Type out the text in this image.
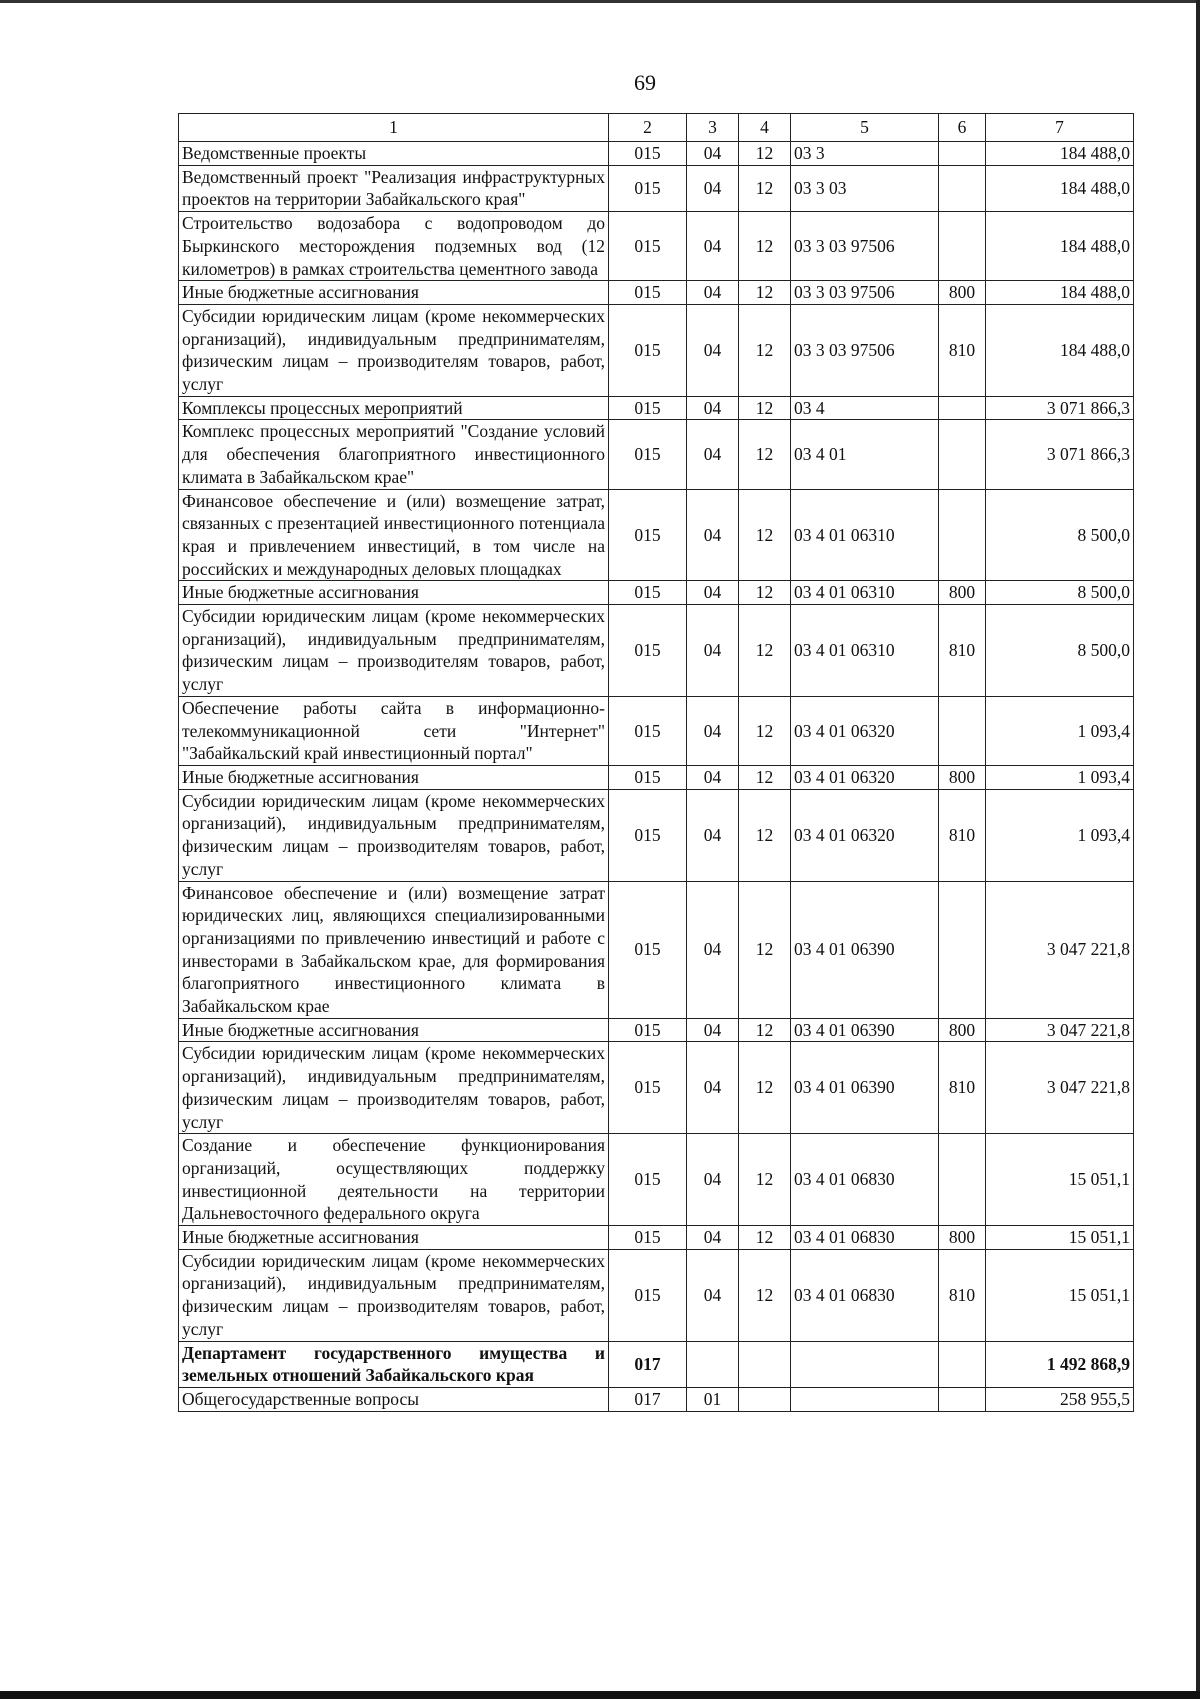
69
1	2	3	4	5	6	7
Ведомственные проекты	015	04	12	03 3		184 488,0
Ведомственный проект "Реализация инфраструктурных проектов на территории Забайкальского края"	015	04	12	03 3 03		184 488,0
Строительство водозабора с водопроводом до Быркинского месторождения подземных вод (12 километров) в рамках строительства цементного завода	015	04	12	03 3 03 97506		184 488,0
Иные бюджетные ассигнования	015	04	12	03 3 03 97506	800	184 488,0
Субсидии юридическим лицам (кроме некоммерческих организаций), индивидуальным предпринимателям, физическим лицам – производителям товаров, работ, услуг	015	04	12	03 3 03 97506	810	184 488,0
Комплексы процессных мероприятий	015	04	12	03 4		3 071 866,3
Комплекс процессных мероприятий "Создание условий для обеспечения благоприятного инвестиционного климата в Забайкальском крае"	015	04	12	03 4 01		3 071 866,3
Финансовое обеспечение и (или) возмещение затрат, связанных с презентацией инвестиционного потенциала края и привлечением инвестиций, в том числе на российских и международных деловых площадках	015	04	12	03 4 01 06310		8 500,0
Иные бюджетные ассигнования	015	04	12	03 4 01 06310	800	8 500,0
Субсидии юридическим лицам (кроме некоммерческих организаций), индивидуальным предпринимателям, физическим лицам – производителям товаров, работ, услуг	015	04	12	03 4 01 06310	810	8 500,0
Обеспечение работы сайта в информационно-телекоммуникационной сети "Интернет" "Забайкальский край инвестиционный портал"	015	04	12	03 4 01 06320		1 093,4
Иные бюджетные ассигнования	015	04	12	03 4 01 06320	800	1 093,4
Субсидии юридическим лицам (кроме некоммерческих организаций), индивидуальным предпринимателям, физическим лицам – производителям товаров, работ, услуг	015	04	12	03 4 01 06320	810	1 093,4
Финансовое обеспечение и (или) возмещение затрат юридических лиц, являющихся специализированными организациями по привлечению инвестиций и работе с инвесторами в Забайкальском крае, для формирования благоприятного инвестиционного климата в Забайкальском крае	015	04	12	03 4 01 06390		3 047 221,8
Иные бюджетные ассигнования	015	04	12	03 4 01 06390	800	3 047 221,8
Субсидии юридическим лицам (кроме некоммерческих организаций), индивидуальным предпринимателям, физическим лицам – производителям товаров, работ, услуг	015	04	12	03 4 01 06390	810	3 047 221,8
Создание и обеспечение функционирования организаций, осуществляющих поддержку инвестиционной деятельности на территории Дальневосточного федерального округа	015	04	12	03 4 01 06830		15 051,1
Иные бюджетные ассигнования	015	04	12	03 4 01 06830	800	15 051,1
Субсидии юридическим лицам (кроме некоммерческих организаций), индивидуальным предпринимателям, физическим лицам – производителям товаров, работ, услуг	015	04	12	03 4 01 06830	810	15 051,1
Департамент государственного имущества и земельных отношений Забайкальского края	017					1 492 868,9
Общегосударственные вопросы	017	01				258 955,5
